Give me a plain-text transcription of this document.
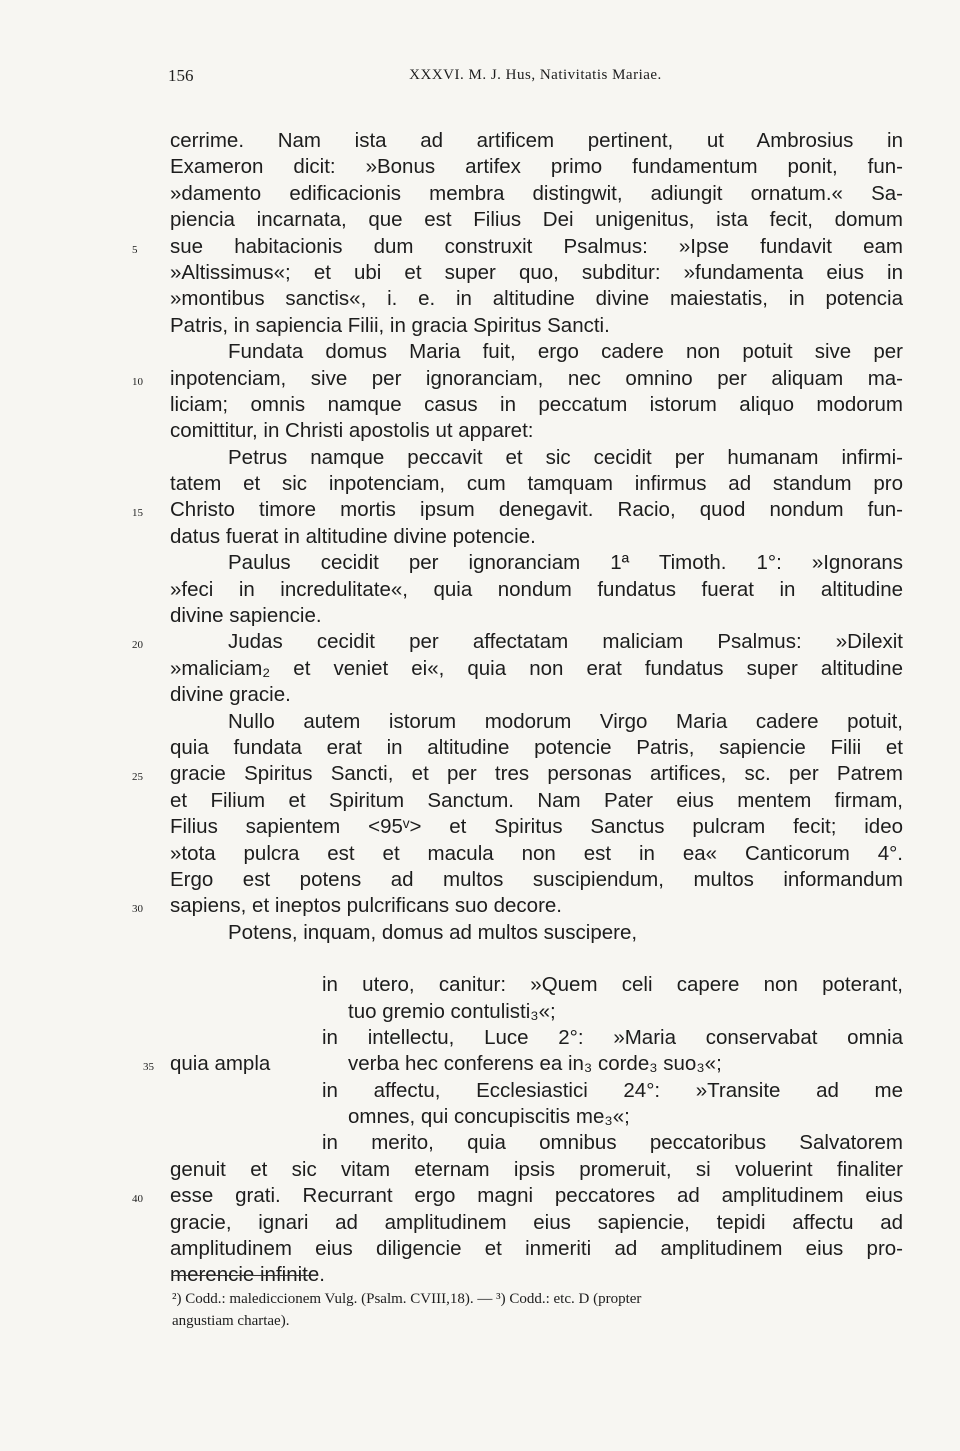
156	XXXVI. M. J. Hus, Nativitatis Mariae.
cerrime. Nam ista ad artificem pertinent, ut Ambrosius in
Exameron dicit: »Bonus artifex primo fundamentum ponit, fun-
»damento edificacionis membra distingwit, adiungit ornatum.« Sa-
piencia incarnata, que est Filius Dei unigenitus, ista fecit, domum
sue habitacionis dum construxit Psalmus: »Ipse fundavit eam
5
»Altissimus«; et ubi et super quo, subditur: »fundamenta eius in
»montibus sanctis«, i. e. in altitudine divine maiestatis, in potencia
Patris, in sapiencia Filii, in gracia Spiritus Sancti.
Fundata domus Maria fuit, ergo cadere non potuit sive per
inpotenciam, sive per ignoranciam, nec omnino per aliquam ma-
10
liciam; omnis namque casus in peccatum istorum aliquo modorum
comittitur, in Christi apostolis ut apparet:
Petrus namque peccavit et sic cecidit per humanam infirmi-
tatem et sic inpotenciam, cum tamquam infirmus ad standum pro
Christo timore mortis ipsum denegavit. Racio, quod nondum fun-
15
datus fuerat in altitudine divine potencie.
Paulus cecidit per ignoranciam 1ª Timoth. 1°: »Ignorans
»feci in incredulitate«, quia nondum fundatus fuerat in altitudine
divine sapiencie.
Judas cecidit per affectatam maliciam Psalmus: »Dilexit
20
»maliciam₂ et veniet ei«, quia non erat fundatus super altitudine
divine gracie.
Nullo autem istorum modorum Virgo Maria cadere potuit,
quia fundata erat in altitudine potencie Patris, sapiencie Filii et
gracie Spiritus Sancti, et per tres personas artifices, sc. per Patrem
25
et Filium et Spiritum Sanctum. Nam Pater eius mentem firmam,
Filius sapientem <95ᵛ> et Spiritus Sanctus pulcram fecit; ideo
»tota pulcra est et macula non est in ea« Canticorum 4°.
Ergo est potens ad multos suscipiendum, multos informandum
sapiens, et ineptos pulcrificans suo decore.
30
Potens, inquam, domus ad multos suscipere,
in utero, canitur: »Quem celi capere non poterant,
tuo gremio contulisti₃«;
in intellectu, Luce 2°: »Maria conservabat omnia
quia ampla	verba hec conferens ea in₃ corde₃ suo₃«;
35
in affectu, Ecclesiastici 24°: »Transite ad me
omnes, qui concupiscitis me₃«;
in merito, quia omnibus peccatoribus Salvatorem
genuit et sic vitam eternam ipsis promeruit, si voluerint finaliter
esse grati. Recurrant ergo magni peccatores ad amplitudinem eius
40
gracie, ignari ad amplitudinem eius sapiencie, tepidi affectu ad
amplitudinem eius diligencie et inmeriti ad amplitudinem eius pro-
merencie infinite.
²) Codd.: malediccionem Vulg. (Psalm. CVIII,18). — ³) Codd.: etc. D (propter
angustiam chartae).
